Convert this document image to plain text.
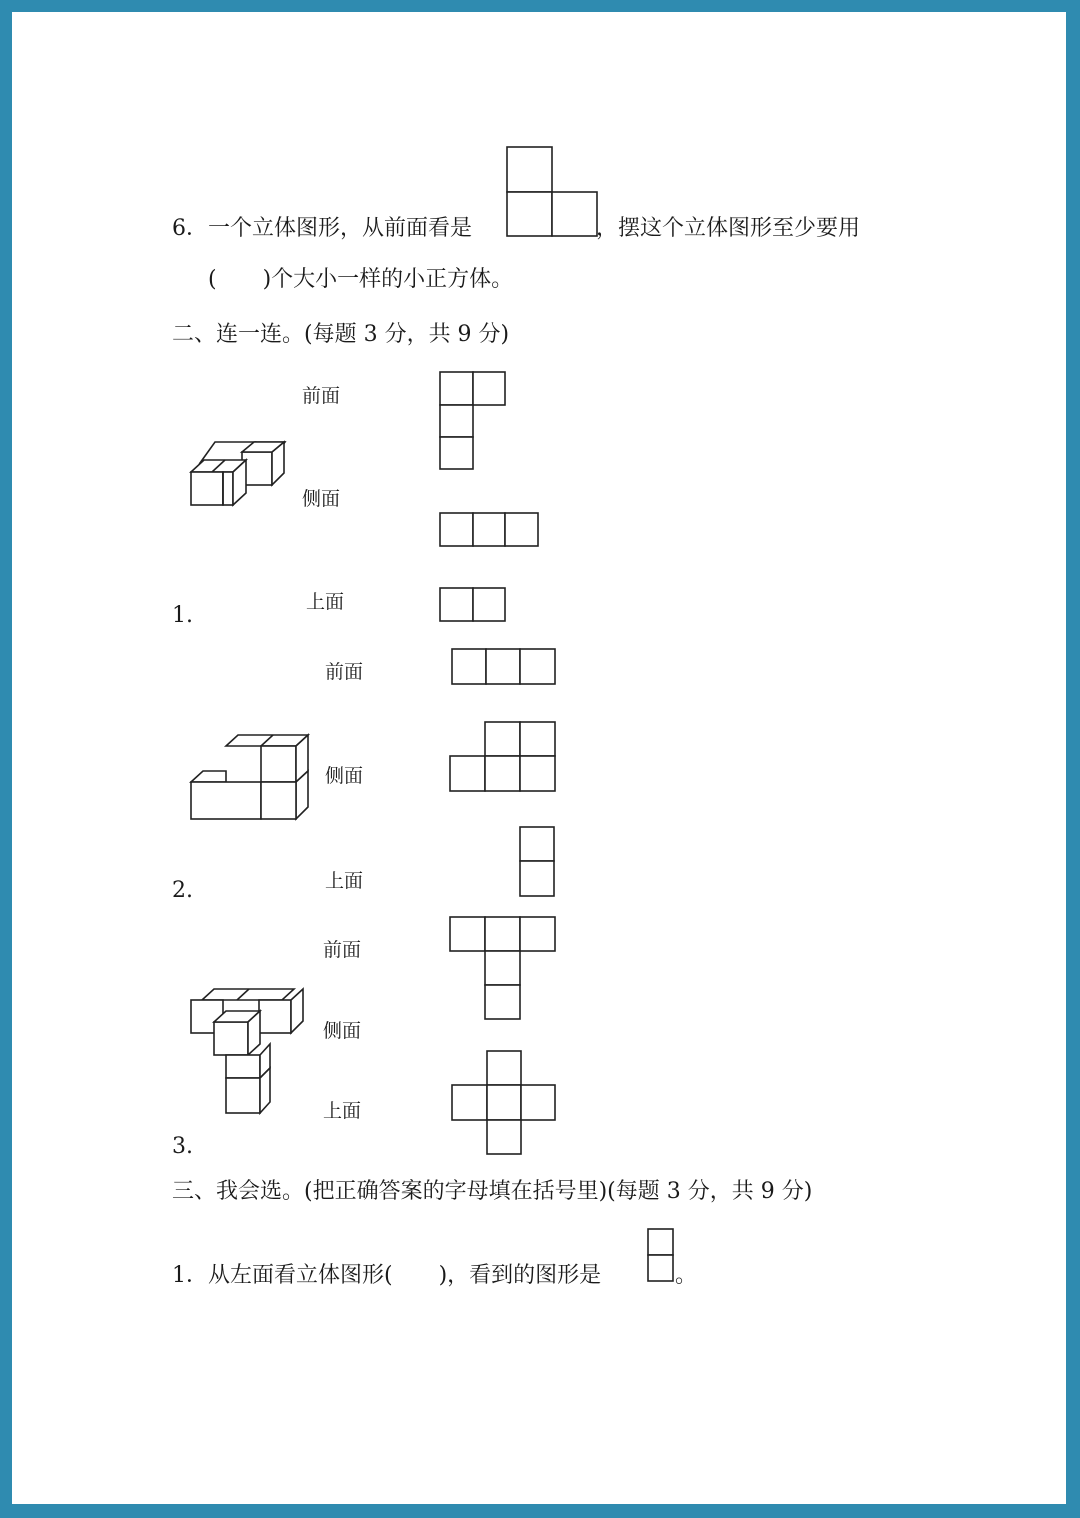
6．一个立体图形，从前面看是	，摆这个立体图形至少要用
( )个大小一样的小正方体。
二、连一连。(每题 3 分，共 9 分)
前面
侧面
上面
1.
前面
侧面
上面
2.
前面
侧面
上面
3.
三、我会选。(把正确答案的字母填在括号里)(每题 3 分，共 9 分)
1．从左面看立体图形( )，看到的图形是	。
